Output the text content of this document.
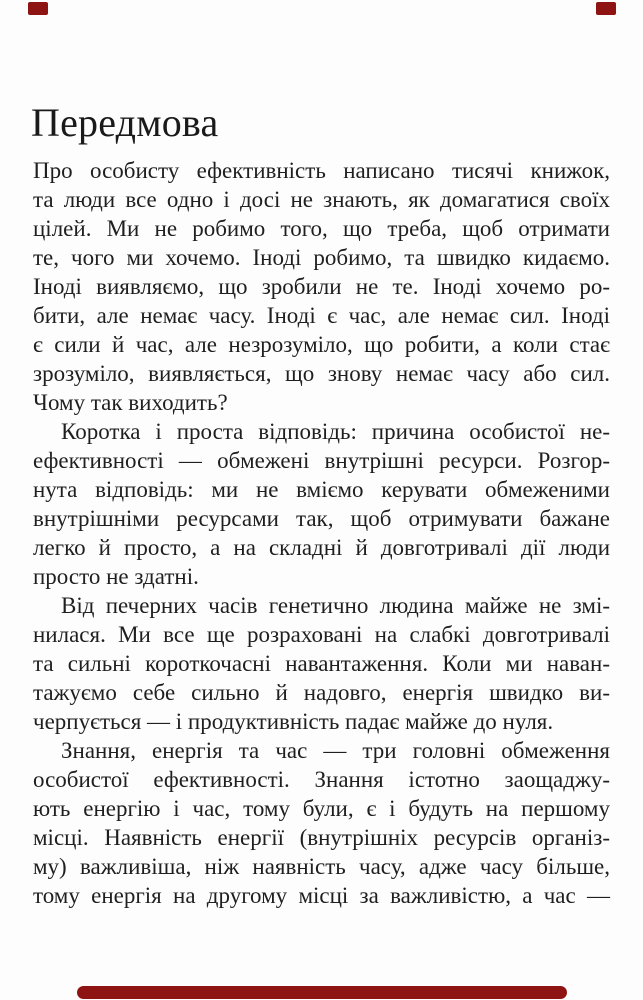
Передмова
Про особисту ефективність написано тисячі книжок,
та люди все одно і досі не знають, як домагатися своїх
цілей. Ми не робимо того, що треба, щоб отримати
те, чого ми хочемо. Іноді робимо, та швидко кидаємо.
Іноді виявляємо, що зробили не те. Іноді хочемо ро-
бити, але немає часу. Іноді є час, але немає сил. Іноді
є сили й час, але незрозуміло, що робити, а коли стає
зрозуміло, виявляється, що знову немає часу або сил.
Чому так виходить?
Коротка і проста відповідь: причина особистої не-
ефективності — обмежені внутрішні ресурси. Розгор-
нута відповідь: ми не вміємо керувати обмеженими
внутрішніми ресурсами так, щоб отримувати бажане
легко й просто, а на складні й довготривалі дії люди
просто не здатні.
Від печерних часів генетично людина майже не змі-
нилася. Ми все ще розраховані на слабкі довготривалі
та сильні короткочасні навантаження. Коли ми наван-
тажуємо себе сильно й надовго, енергія швидко ви-
черпується — і продуктивність падає майже до нуля.
Знання, енергія та час — три головні обмеження
особистої ефективності. Знання істотно заощаджу-
ють енергію і час, тому були, є і будуть на першому
місці. Наявність енергії (внутрішніх ресурсів організ-
му) важливіша, ніж наявність часу, адже часу більше,
тому енергія на другому місці за важливістю, а час —
